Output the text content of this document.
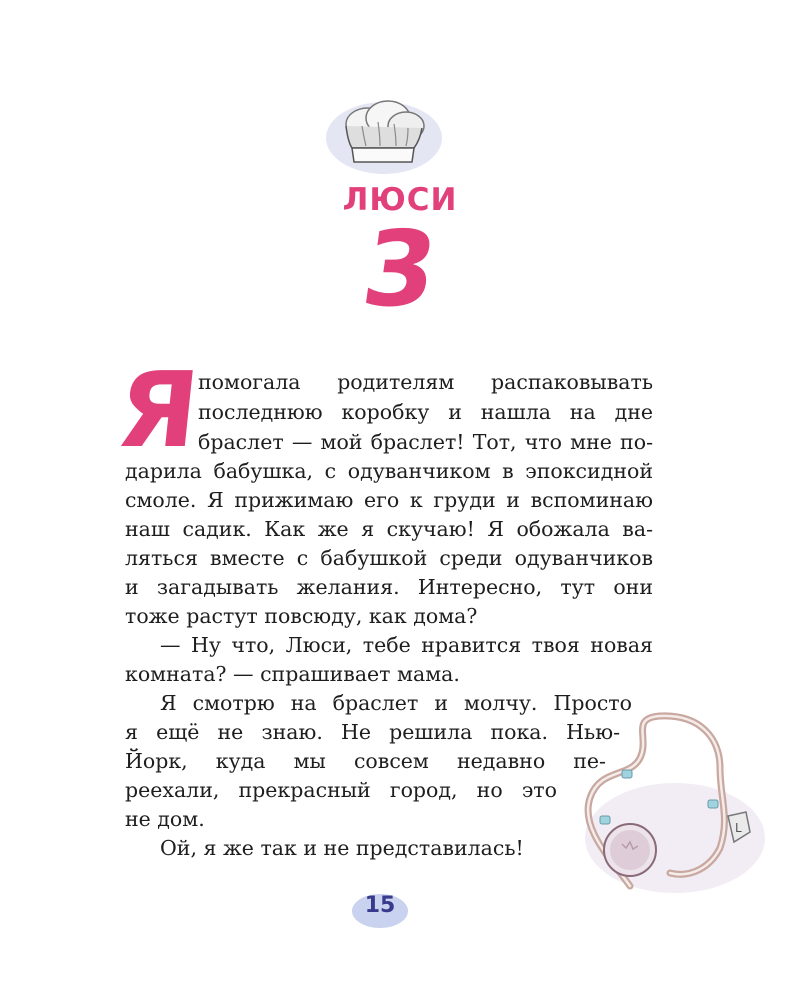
ЛЮСИ
3
Я
помогала родителям распаковывать
последнюю коробку и нашла на дне
браслет — мой браслет! Тот, что мне по-
дарила бабушка, с одуванчиком в эпоксидной
смоле. Я прижимаю его к груди и вспоминаю
наш садик. Как же я скучаю! Я обожала ва-
ляться вместе с бабушкой среди одуванчиков
и загадывать желания. Интересно, тут они
тоже растут повсюду, как дома?
— Ну что, Люси, тебе нравится твоя новая
комната? — спрашивает мама.
Я смотрю на браслет и молчу. Просто
я ещё не знаю. Не решила пока. Нью-
Йорк, куда мы совсем недавно пе-
реехали, прекрасный город, но это
не дом.
Ой, я же так и не представилась!
L
15
